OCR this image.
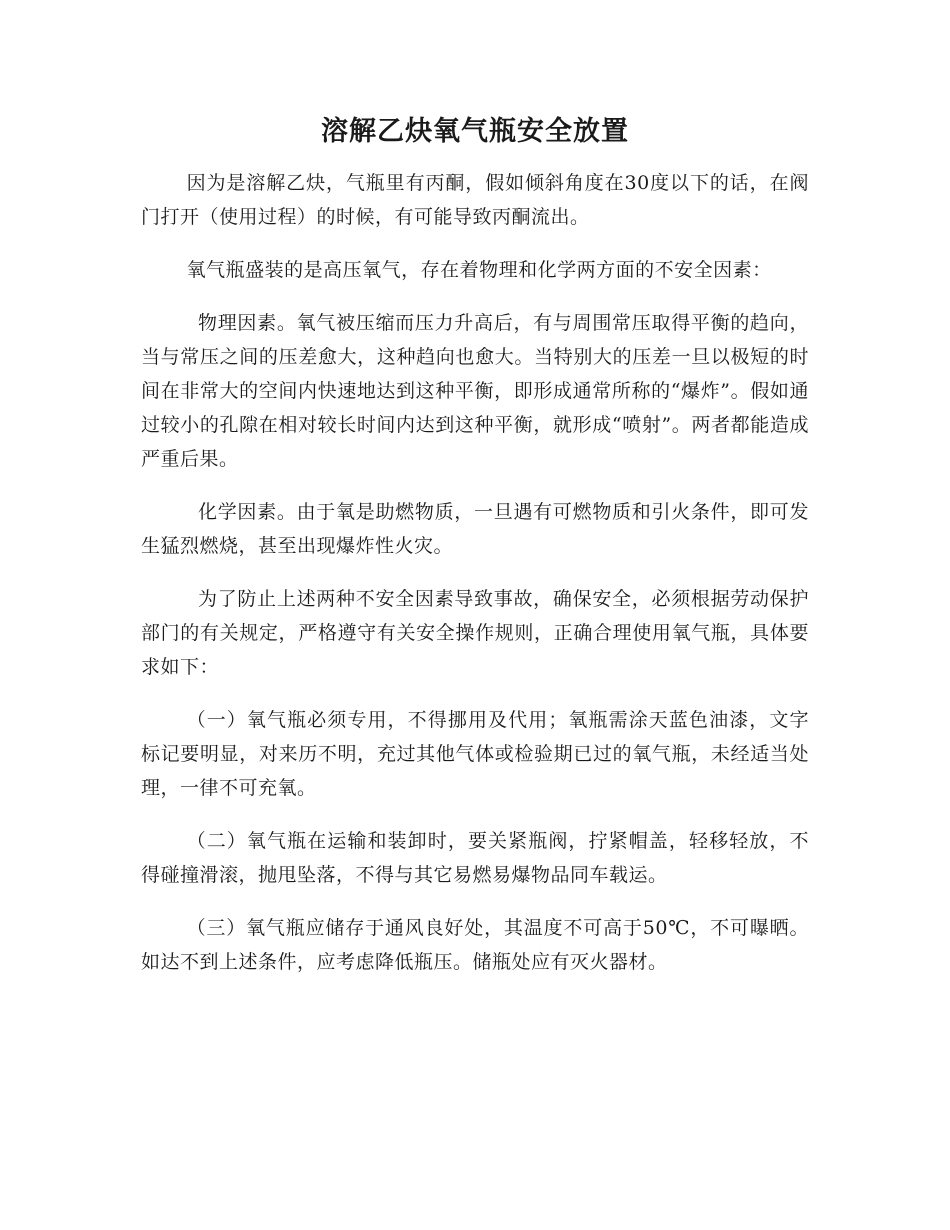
溶解乙炔氧气瓶安全放置

因为是溶解乙炔，气瓶里有丙酮，假如倾斜角度在30度以下的话，在阀门打开（使用过程）的时候，有可能导致丙酮流出。

氧气瓶盛装的是高压氧气，存在着物理和化学两方面的不安全因素：

物理因素。氧气被压缩而压力升高后，有与周围常压取得平衡的趋向，当与常压之间的压差愈大，这种趋向也愈大。当特别大的压差一旦以极短的时间在非常大的空间内快速地达到这种平衡，即形成通常所称的“爆炸”。假如通过较小的孔隙在相对较长时间内达到这种平衡，就形成“喷射”。两者都能造成严重后果。

化学因素。由于氧是助燃物质，一旦遇有可燃物质和引火条件，即可发生猛烈燃烧，甚至出现爆炸性火灾。

为了防止上述两种不安全因素导致事故，确保安全，必须根据劳动保护部门的有关规定，严格遵守有关安全操作规则，正确合理使用氧气瓶，具体要求如下：

（一）氧气瓶必须专用，不得挪用及代用；氧瓶需涂天蓝色油漆，文字标记要明显，对来历不明，充过其他气体或检验期已过的氧气瓶，未经适当处理，一律不可充氧。

（二）氧气瓶在运输和装卸时，要关紧瓶阀，拧紧帽盖，轻移轻放，不得碰撞滑滚，抛甩坠落，不得与其它易燃易爆物品同车载运。

（三）氧气瓶应储存于通风良好处，其温度不可高于50℃，不可曝晒。如达不到上述条件，应考虑降低瓶压。储瓶处应有灭火器材。
